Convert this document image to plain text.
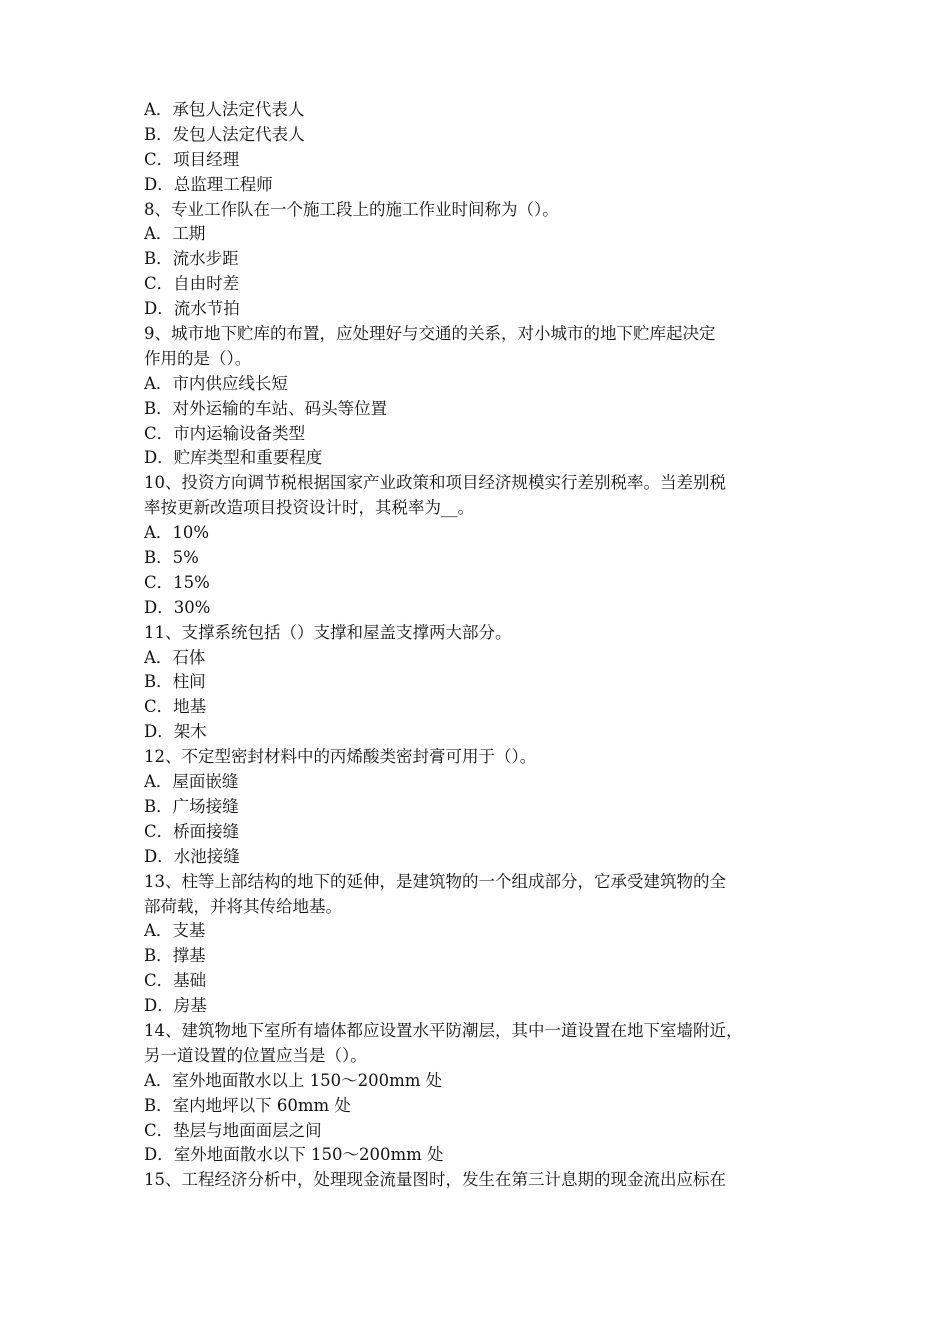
A．承包人法定代表人
B．发包人法定代表人
C．项目经理
D．总监理工程师
8、专业工作队在一个施工段上的施工作业时间称为（）。
A．工期
B．流水步距
C．自由时差
D．流水节拍
9、城市地下贮库的布置，应处理好与交通的关系，对小城市的地下贮库起决定
作用的是（）。
A．市内供应线长短
B．对外运输的车站、码头等位置
C．市内运输设备类型
D．贮库类型和重要程度
10、投资方向调节税根据国家产业政策和项目经济规模实行差别税率。当差别税
率按更新改造项目投资设计时，其税率为__。
A．10%
B．5%
C．15%
D．30%
11、支撑系统包括（）支撑和屋盖支撑两大部分。
A．石体
B．柱间
C．地基
D．架木
12、不定型密封材料中的丙烯酸类密封膏可用于（）。
A．屋面嵌缝
B．广场接缝
C．桥面接缝
D．水池接缝
13、柱等上部结构的地下的延伸，是建筑物的一个组成部分，它承受建筑物的全
部荷载，并将其传给地基。
A．支基
B．撑基
C．基础
D．房基
14、建筑物地下室所有墙体都应设置水平防潮层，其中一道设置在地下室墙附近，
另一道设置的位置应当是（）。
A．室外地面散水以上 150～200mm 处
B．室内地坪以下 60mm 处
C．垫层与地面面层之间
D．室外地面散水以下 150～200mm 处
15、工程经济分析中，处理现金流量图时，发生在第三计息期的现金流出应标在
